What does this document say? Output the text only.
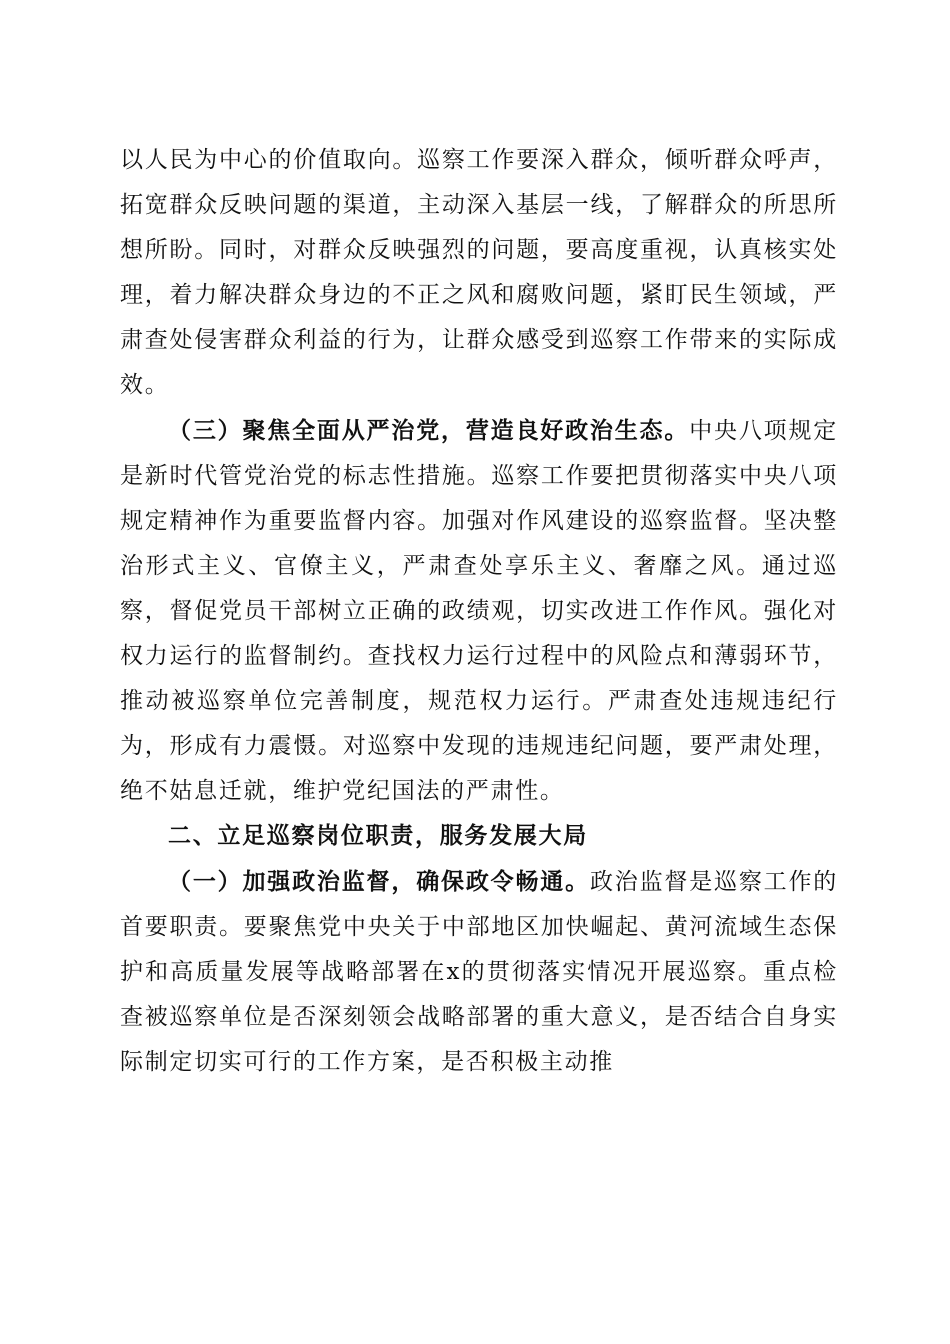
以人民为中心的价值取向。巡察工作要深入群众，倾听群众呼声，拓宽群众反映问题的渠道，主动深入基层一线，了解群众的所思所想所盼。同时，对群众反映强烈的问题，要高度重视，认真核实处理，着力解决群众身边的不正之风和腐败问题，紧盯民生领域，严肃查处侵害群众利益的行为，让群众感受到巡察工作带来的实际成效。

（三）聚焦全面从严治党，营造良好政治生态。中央八项规定是新时代管党治党的标志性措施。巡察工作要把贯彻落实中央八项规定精神作为重要监督内容。加强对作风建设的巡察监督。坚决整治形式主义、官僚主义，严肃查处享乐主义、奢靡之风。通过巡察，督促党员干部树立正确的政绩观，切实改进工作作风。强化对权力运行的监督制约。查找权力运行过程中的风险点和薄弱环节，推动被巡察单位完善制度，规范权力运行。严肃查处违规违纪行为，形成有力震慑。对巡察中发现的违规违纪问题，要严肃处理，绝不姑息迁就，维护党纪国法的严肃性。

二、立足巡察岗位职责，服务发展大局

（一）加强政治监督，确保政令畅通。政治监督是巡察工作的首要职责。要聚焦党中央关于中部地区加快崛起、黄河流域生态保护和高质量发展等战略部署在x的贯彻落实情况开展巡察。重点检查被巡察单位是否深刻领会战略部署的重大意义，是否结合自身实际制定切实可行的工作方案，是否积极主动推
